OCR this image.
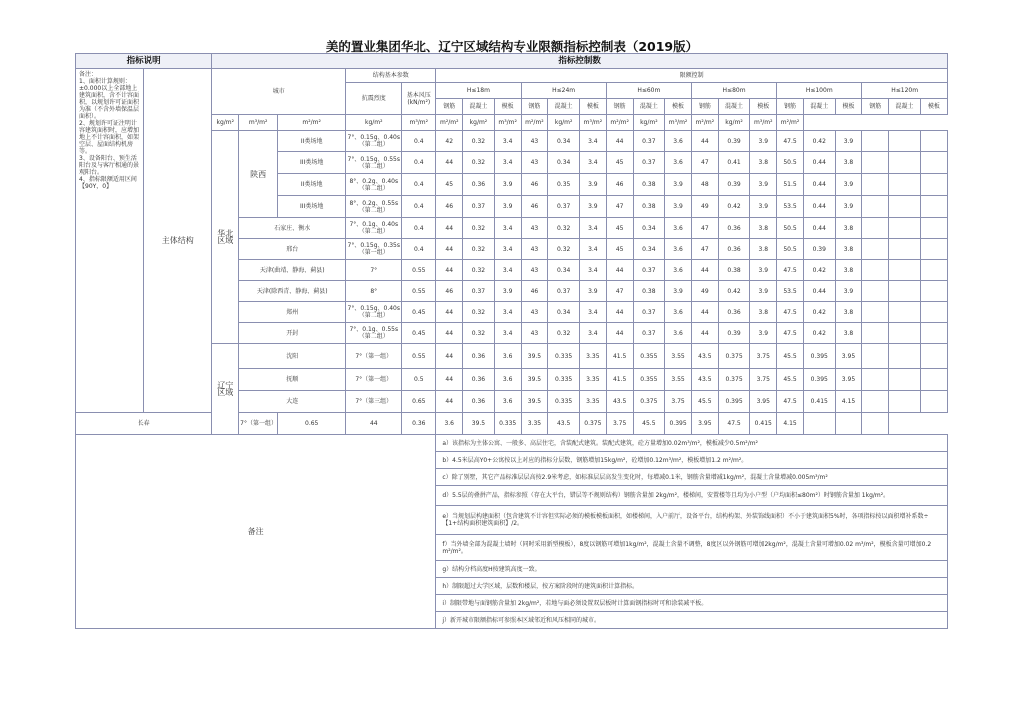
美的置业集团华北、辽宁区域结构专业限额指标控制表（2019版）
指标说明		指标控制数																						
备注：
1、面积计算规则：±0.000以上全部地上建筑面积，含不计容面积，以规划许可证面积为准（不含外墙保温层面积）。
2、规划许可证注明计容建筑面积时，应增加地上不计容面积，如架空层、屋面结构机房等。
3、设备阳台、预生活阳台及与客厅相通的景观阳台。
4、指标限额适用区间【90Y，0】	主体结构	城市			结构基本参数		限额控制																	
					抗震烈度	基本风压(kN/m²)	H≤18m			H≤24m			H≤60m			H≤80m			H≤100m			H≤120m		
							钢筋	混凝土	模板	钢筋	混凝土	模板	钢筋	混凝土	模板	钢筋	混凝土	模板	钢筋	混凝土	模板	钢筋	混凝土	模板
		kg/m²	m³/m²	m²/m²	kg/m²	m³/m²	m²/m²	kg/m²	m³/m²	m²/m²	kg/m²	m³/m²	m²/m²	kg/m²	m³/m²	m²/m²	kg/m²	m³/m²	m²/m²					
		华北区域	陕西	II类场地	7°、0.15g、0.40s（第二组）	0.4	42	0.32	3.4	43	0.34	3.4	44	0.37	3.6	44	0.39	3.9	47.5	0.42	3.9			
				III类场地	7°、0.15g、0.55s（第二组）	0.4	44	0.32	3.4	43	0.34	3.4	45	0.37	3.6	47	0.41	3.8	50.5	0.44	3.8			
				II类场地	8°、0.2g、0.40s（第二组）	0.4	45	0.36	3.9	46	0.35	3.9	46	0.38	3.9	48	0.39	3.9	51.5	0.44	3.9			
				III类场地	8°、0.2g、0.55s（第二组）	0.4	46	0.37	3.9	46	0.37	3.9	47	0.38	3.9	49	0.42	3.9	53.5	0.44	3.9			
			石家庄、衡水		7°、0.1g、0.40s（第二组）	0.4	44	0.32	3.4	43	0.32	3.4	45	0.34	3.6	47	0.36	3.8	50.5	0.44	3.8			
			邢台		7°、0.15g、0.35s（第一组）	0.4	44	0.32	3.4	43	0.32	3.4	45	0.34	3.6	47	0.36	3.8	50.5	0.39	3.8			
			天津(曲靖、静海、蓟县)		7°	0.55	44	0.32	3.4	43	0.34	3.4	44	0.37	3.6	44	0.38	3.9	47.5	0.42	3.8			
			天津(除西青、静海、蓟县)		8°	0.55	46	0.37	3.9	46	0.37	3.9	47	0.38	3.9	49	0.42	3.9	53.5	0.44	3.9			
			郑州		7°、0.15g、0.40s（第二组）	0.45	44	0.32	3.4	43	0.34	3.4	44	0.37	3.6	44	0.36	3.8	47.5	0.42	3.8			
			开封		7°、0.1g、0.55s（第二组）	0.45	44	0.32	3.4	43	0.32	3.4	44	0.37	3.6	44	0.39	3.9	47.5	0.42	3.8			
		辽宁区域	沈阳		7°（第一组）	0.55	44	0.36	3.6	39.5	0.335	3.35	41.5	0.355	3.55	43.5	0.375	3.75	45.5	0.395	3.95			
			抚顺		7°（第一组）	0.5	44	0.36	3.6	39.5	0.335	3.35	41.5	0.355	3.55	43.5	0.375	3.75	45.5	0.395	3.95			
			大连		7°（第三组）	0.65	44	0.36	3.6	39.5	0.335	3.35	43.5	0.375	3.75	45.5	0.395	3.95	47.5	0.415	4.15			
长春			7°（第一组）	0.65	44	0.36	3.6	39.5	0.335	3.35	43.5	0.375	3.75	45.5	0.395	3.95	47.5	0.415	4.15					
备注							a）该指标为主体公寓、一般多、高层住宅，含装配式建筑。装配式建筑，砼方量增加0.02m³/m²，模板减少0.5m²/m²																	
							b）4.5米层高Y0+公寓按以上对应的指标分层数，钢筋增加15kg/m²，砼增加0.12m³/m²，模板增加1.2 m²/m²。																	
							c）除了别墅，其它产品标准层层高按2.9米考虑，如标准层层高发生变化时，每增减0.1米，钢筋含量增减1kg/m²，混凝土含量增减0.005m³/m²																	
							d）5.5层的叠拼产品，指标参照（存在大平台，错层等不规则结构）钢筋含量加 2kg/m²，楼梯间，安置楼等且均为小户型（户均面积≤80m²）时钢筋含量加 1kg/m²。																	
							e）当规划层构建面积（包含建筑不计容但实际必须的模板模板面积，如楼梯间，入户前厅，设备平台，结构构架、外装饰线面积）不小于建筑面积5%时，各项指标按以面积增补系数÷【1+结构面积建筑面积】/2。																	
							f）当外墙全部为混凝土墙时（同时采用新型模板），8度以钢筋可增加1kg/m²，混凝土含量不调整，8度区以外钢筋可增加2kg/m²，混凝土含量可增加0.02 m³/m²，模板含量可增加0.2 m²/m²。																	
							g）结构分档高度H按建筑高度一致。																	
							h）制限超过大学区域，层数和楼层，按方案阶段时的建筑面积计算指标。																	
							i）制限带地与面钢筋含量加 2kg/m²，若地与面必须设置双层板时计算面钢指标时可和涂装减平板。																	
							j）新开城市限额指标可参照本区域邻近和风压相同的城市。																	
